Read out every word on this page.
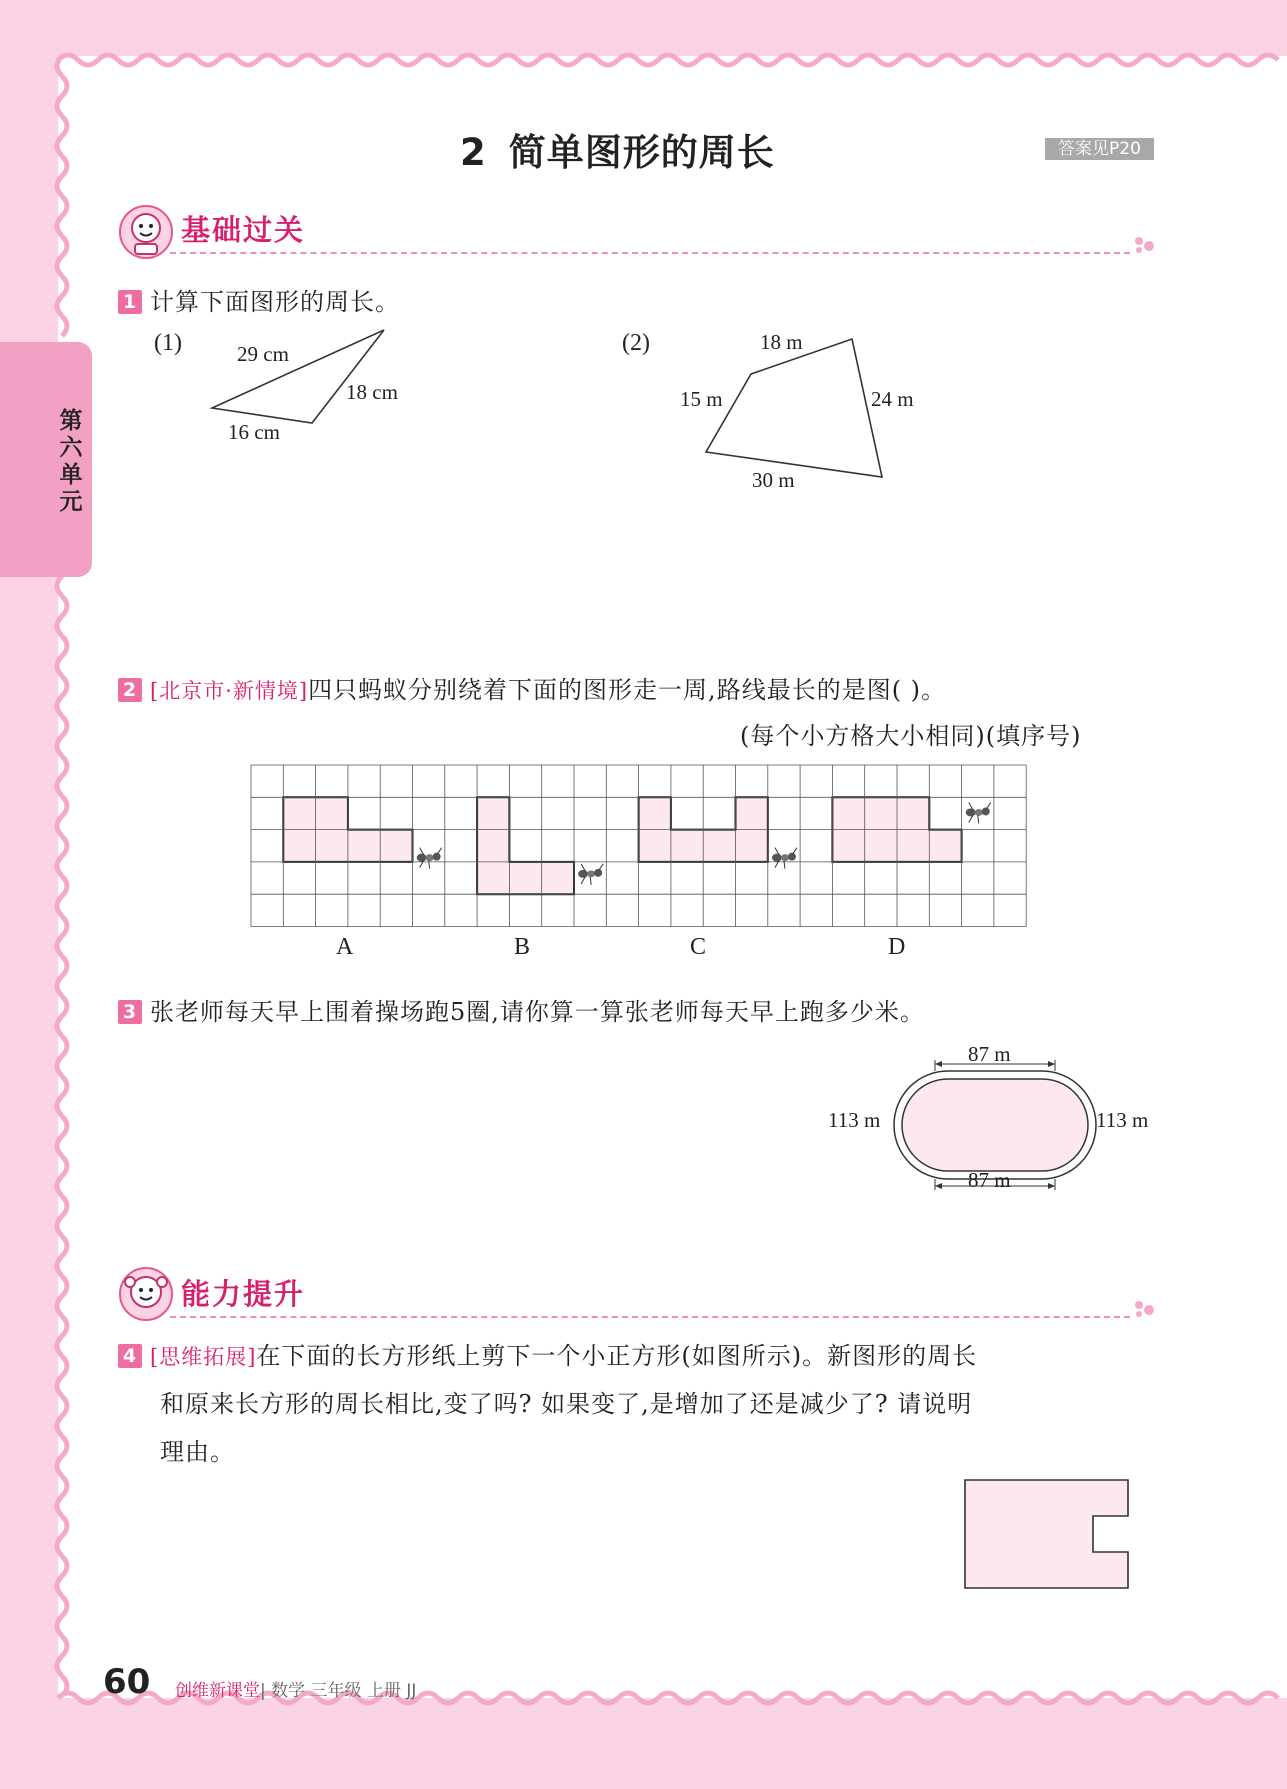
第六单元
2 简单图形的周长	答案见P20
基础过关
1 计算下面图形的周长。
(1)	29 cm
18 cm
16 cm
(2)	18 m
15 m	24 m
30 m
2 [北京市·新情境]四只蚂蚁分别绕着下面的图形走一周,路线最长的是图( )。
(每个小方格大小相同)(填序号)
A	B	C	D
3 张老师每天早上围着操场跑5圈,请你算一算张老师每天早上跑多少米。
87 m
87 m
113 m	113 m
能力提升
4 [思维拓展]在下面的长方形纸上剪下一个小正方形(如图所示)。新图形的周长
和原来长方形的周长相比,变了吗? 如果变了,是增加了还是减少了? 请说明
理由。
60 创维新课堂| 数学 三年级 上册 JJ
